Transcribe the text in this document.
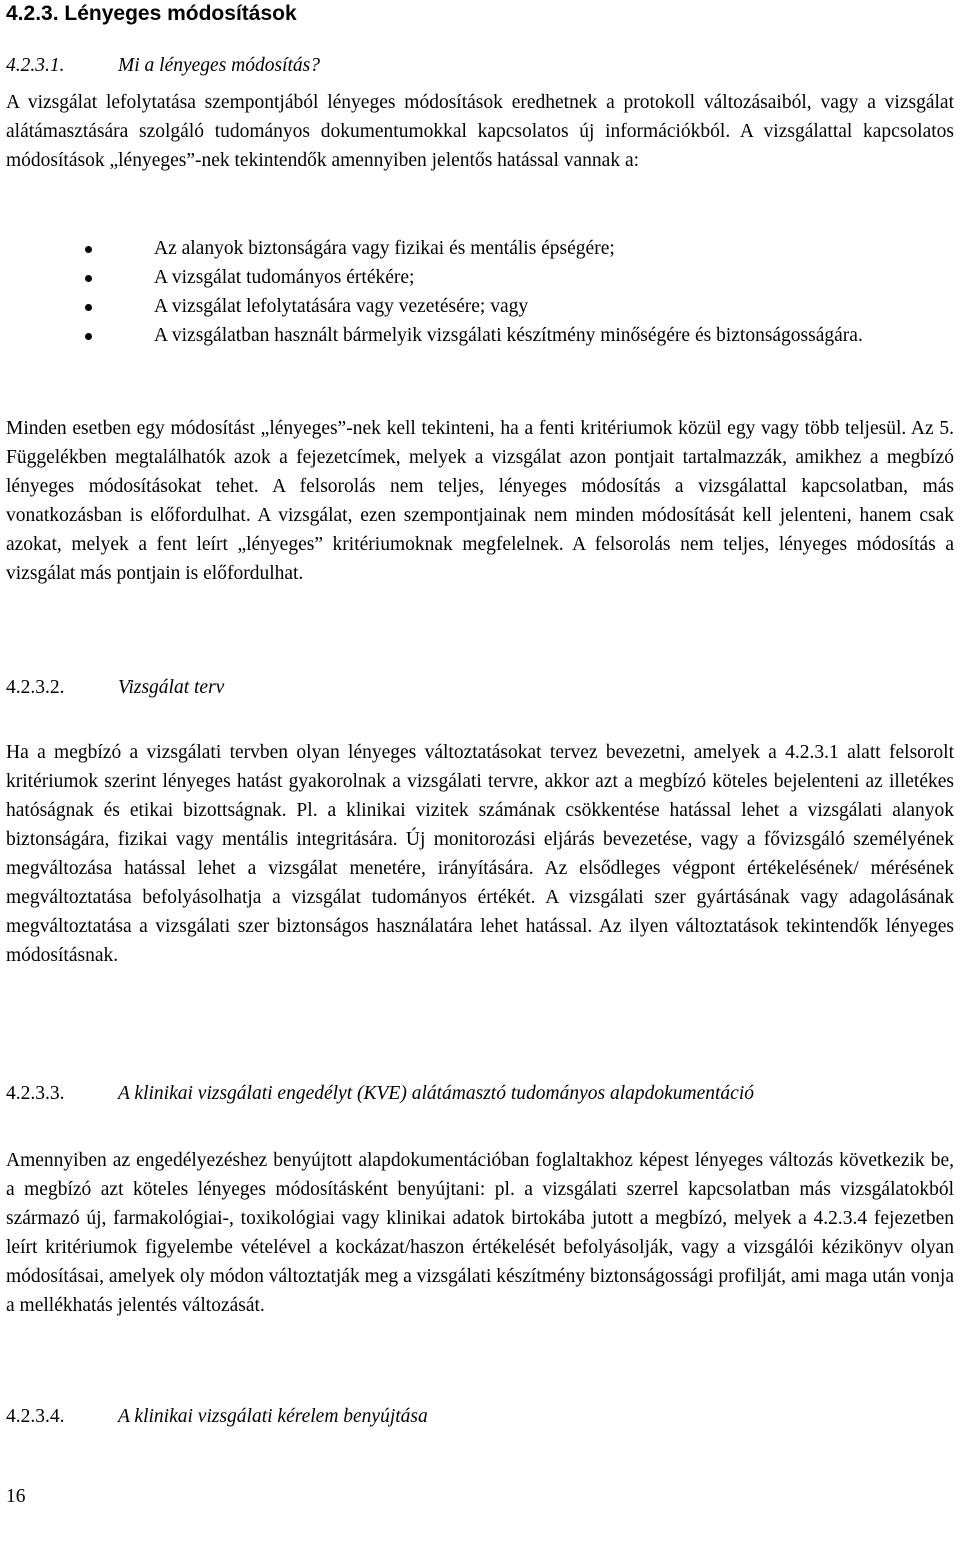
4.2.3. Lényeges módosítások
4.2.3.1.	Mi a lényeges módosítás?

A vizsgálat lefolytatása szempontjából lényeges módosítások eredhetnek a protokoll változásaiból, vagy a vizsgálat alátámasztására szolgáló tudományos dokumentumokkal kapcsolatos új információkból. A vizsgálattal kapcsolatos módosítások „lényeges”-nek tekintendők amennyiben jelentős hatással vannak a:

Az alanyok biztonságára vagy fizikai és mentális épségére;
A vizsgálat tudományos értékére;
A vizsgálat lefolytatására vagy vezetésére; vagy
A vizsgálatban használt bármelyik vizsgálati készítmény minőségére és biztonságosságára.

Minden esetben egy módosítást „lényeges”-nek kell tekinteni, ha a fenti kritériumok közül egy vagy több teljesül. Az 5. Függelékben megtalálhatók azok a fejezetcímek, melyek a vizsgálat azon pontjait tartalmazzák, amikhez a megbízó lényeges módosításokat tehet. A felsorolás nem teljes, lényeges módosítás a vizsgálattal kapcsolatban, más vonatkozásban is előfordulhat. A vizsgálat, ezen szempontjainak nem minden módosítását kell jelenteni, hanem csak azokat, melyek a fent leírt „lényeges” kritériumoknak megfelelnek. A felsorolás nem teljes, lényeges módosítás a vizsgálat más pontjain is előfordulhat.

4.2.3.2.	Vizsgálat terv

Ha a megbízó a vizsgálati tervben olyan lényeges változtatásokat tervez bevezetni, amelyek a 4.2.3.1 alatt felsorolt kritériumok szerint lényeges hatást gyakorolnak a vizsgálati tervre, akkor azt a megbízó köteles bejelenteni az illetékes hatóságnak és etikai bizottságnak. Pl. a klinikai vizitek számának csökkentése hatással lehet a vizsgálati alanyok biztonságára, fizikai vagy mentális integritására. Új monitorozási eljárás bevezetése, vagy a fővizsgáló személyének megváltozása hatással lehet a vizsgálat menetére, irányítására. Az elsődleges végpont értékelésének/ mérésének megváltoztatása befolyásolhatja a vizsgálat tudományos értékét. A vizsgálati szer gyártásának vagy adagolásának megváltoztatása a vizsgálati szer biztonságos használatára lehet hatással. Az ilyen változtatások tekintendők lényeges módosításnak.

4.2.3.3.	A klinikai vizsgálati engedélyt (KVE) alátámasztó tudományos alapdokumentáció

Amennyiben az engedélyezéshez benyújtott alapdokumentációban foglaltakhoz képest lényeges változás következik be, a megbízó azt köteles lényeges módosításként benyújtani: pl. a vizsgálati szerrel kapcsolatban más vizsgálatokból származó új, farmakológiai-, toxikológiai vagy klinikai adatok birtokába jutott a megbízó, melyek a 4.2.3.4 fejezetben leírt kritériumok figyelembe vételével a kockázat/haszon értékelését befolyásolják, vagy a vizsgálói kézikönyv olyan módosításai, amelyek oly módon változtatják meg a vizsgálati készítmény biztonságossági profilját, ami maga után vonja a mellékhatás jelentés változását.

4.2.3.4.	A klinikai vizsgálati kérelem benyújtása
16
